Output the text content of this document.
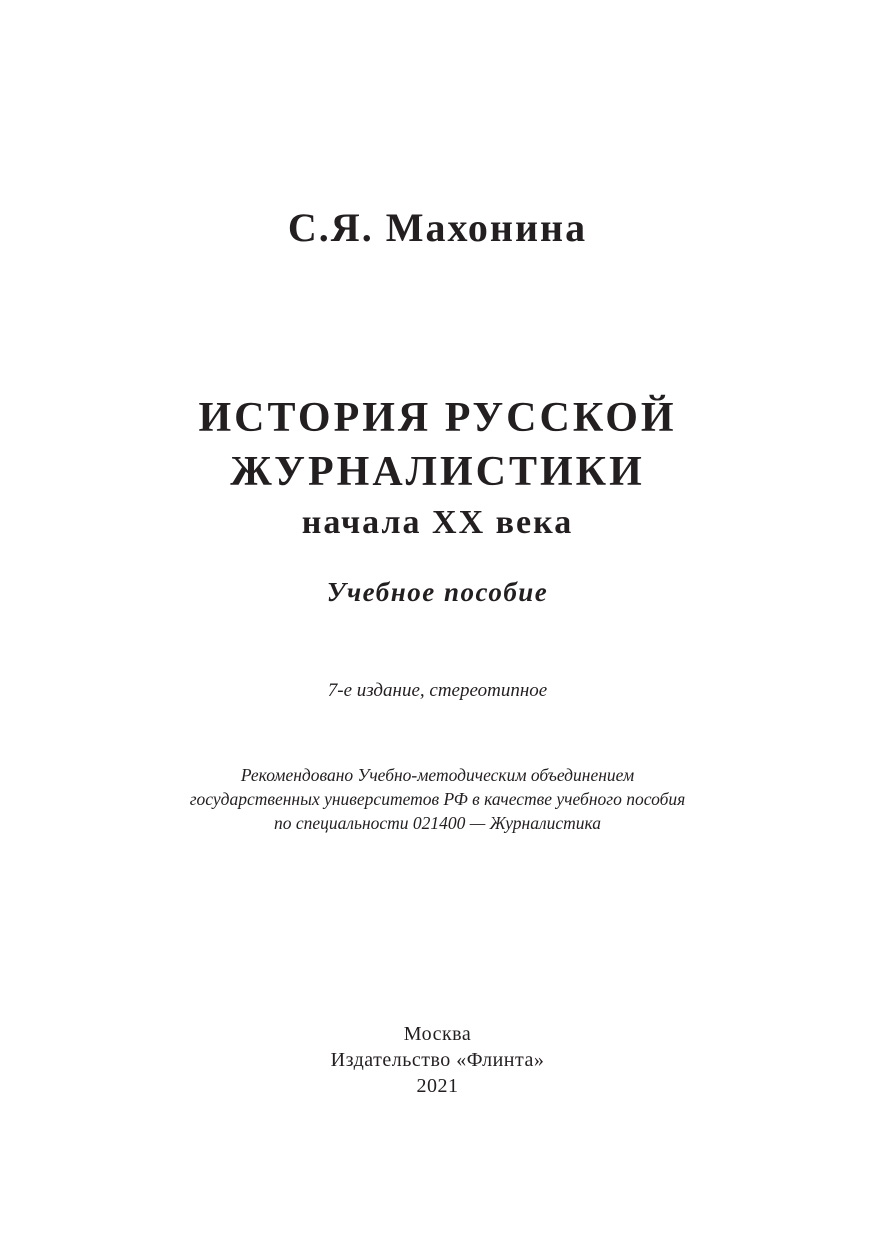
С.Я. Махонина

ИСТОРИЯ РУССКОЙ

ЖУРНАЛИСТИКИ

начала XX века

Учебное пособие

7-е издание, стереотипное

Рекомендовано Учебно-методическим объединением

государственных университетов РФ в качестве учебного пособия

по специальности 021400 — Журналистика

Москва

Издательство «Флинта»

2021
